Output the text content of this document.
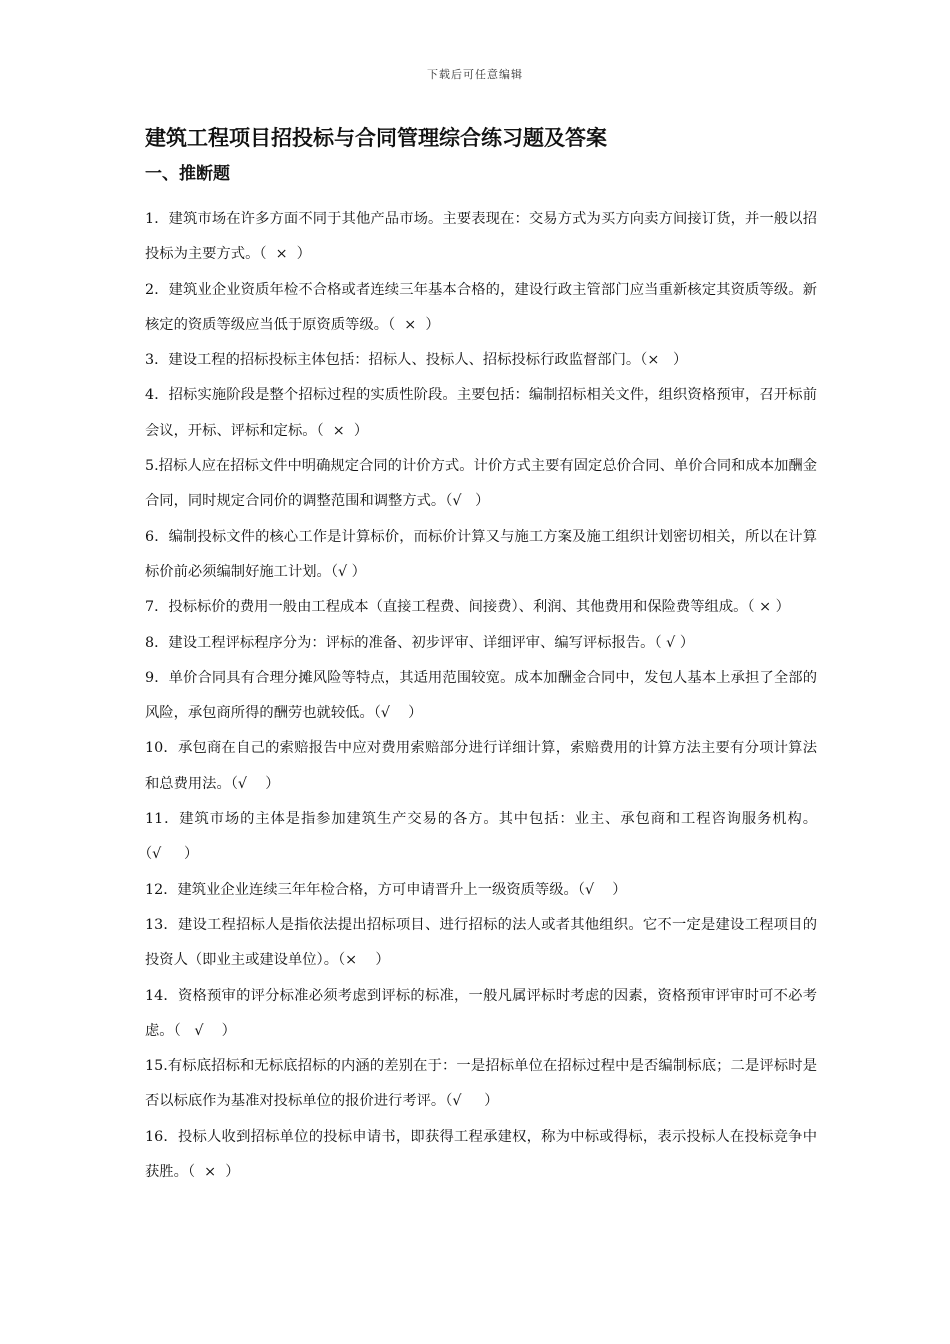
下载后可任意编辑
建筑工程项目招投标与合同管理综合练习题及答案
一、推断题
1．建筑市场在许多方面不同于其他产品市场。主要表现在：交易方式为买方向卖方间接订货，并一般以招投标为主要方式。（  ×  ）
2．建筑业企业资质年检不合格或者连续三年基本合格的，建设行政主管部门应当重新核定其资质等级。新核定的资质等级应当低于原资质等级。（  ×  ）
3．建设工程的招标投标主体包括：招标人、投标人、招标投标行政监督部门。（×   ）
4．招标实施阶段是整个招标过程的实质性阶段。主要包括：编制招标相关文件，组织资格预审，召开标前会议，开标、评标和定标。（  ×  ）
5.招标人应在招标文件中明确规定合同的计价方式。计价方式主要有固定总价合同、单价合同和成本加酬金合同，同时规定合同价的调整范围和调整方式。（√   ）
6．编制投标文件的核心工作是计算标价，而标价计算又与施工方案及施工组织计划密切相关，所以在计算标价前必须编制好施工计划。（√ ）
7．投标标价的费用一般由工程成本（直接工程费、间接费）、利润、其他费用和保险费等组成。（ × ）
8．建设工程评标程序分为：评标的准备、初步评审、详细评审、编写评标报告。（ √ ）
9．单价合同具有合理分摊风险等特点，其适用范围较宽。成本加酬金合同中，发包人基本上承担了全部的风险，承包商所得的酬劳也就较低。（√    ）
10．承包商在自己的索赔报告中应对费用索赔部分进行详细计算，索赔费用的计算方法主要有分项计算法和总费用法。（√    ）
11．建筑市场的主体是指参加建筑生产交易的各方。其中包括：业主、承包商和工程咨询服务机构。（√     ）
12．建筑业企业连续三年年检合格，方可申请晋升上一级资质等级。（√    ）
13．建设工程招标人是指依法提出招标项目、进行招标的法人或者其他组织。它不一定是建设工程项目的投资人（即业主或建设单位）。（×    ）
14．资格预审的评分标准必须考虑到评标的标准，一般凡属评标时考虑的因素，资格预审评审时可不必考虑。（   √    ）
15.有标底招标和无标底招标的内涵的差别在于：一是招标单位在招标过程中是否编制标底；二是评标时是否以标底作为基准对投标单位的报价进行考评。（√     ）
16．投标人收到招标单位的投标申请书，即获得工程承建权，称为中标或得标，表示投标人在投标竞争中获胜。（  ×  ）
